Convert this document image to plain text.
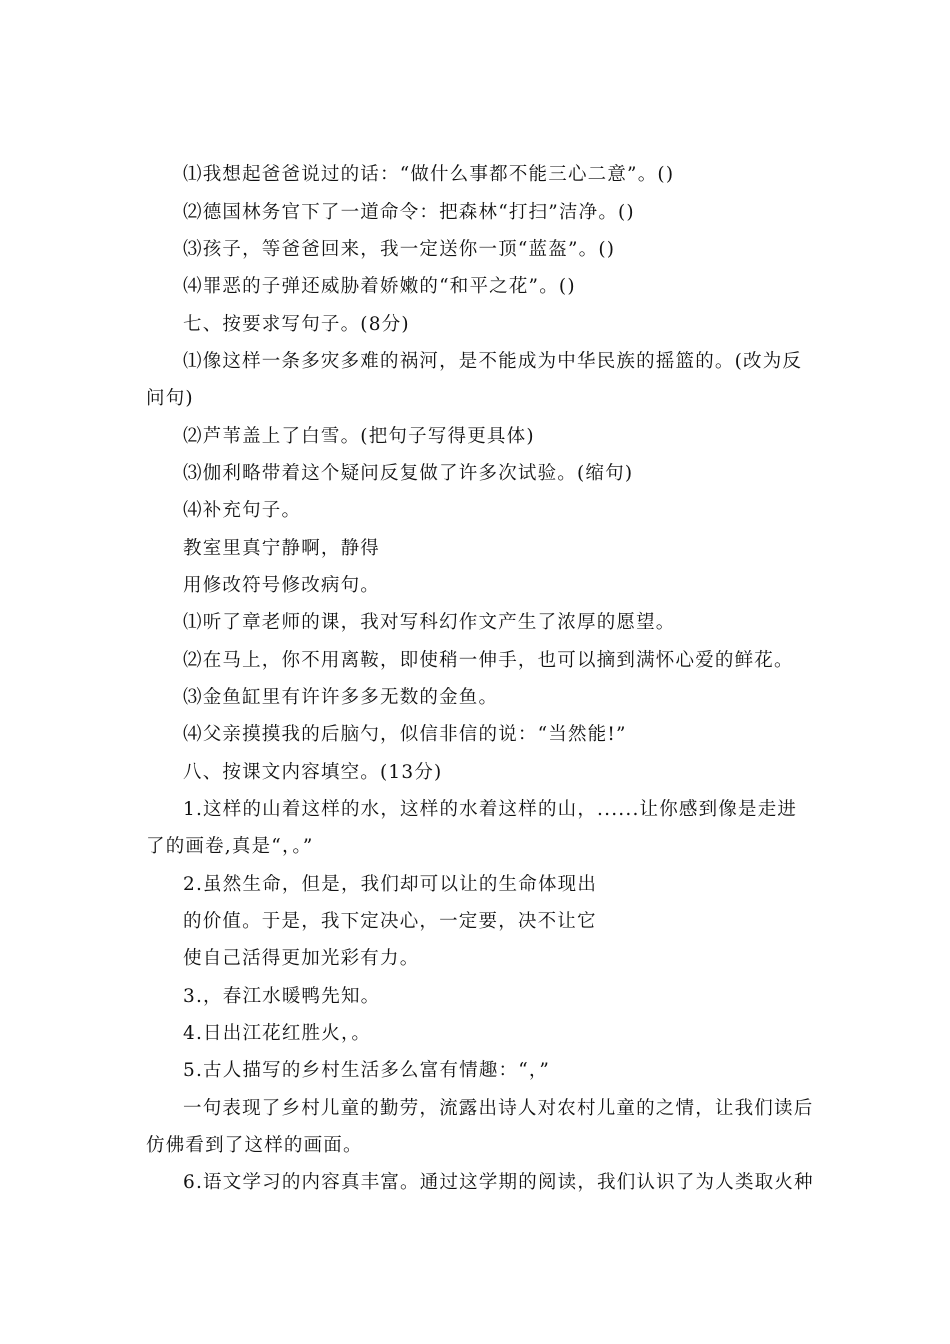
⑴我想起爸爸说过的话：“做什么事都不能三心二意”。()
⑵德国林务官下了一道命令：把森林“打扫”洁净。()
⑶孩子，等爸爸回来，我一定送你一顶“蓝盔”。()
⑷罪恶的子弹还威胁着娇嫩的“和平之花”。()
七、按要求写句子。(8分)
⑴像这样一条多灾多难的祸河，是不能成为中华民族的摇篮的。(改为反
问句)
⑵芦苇盖上了白雪。(把句子写得更具体)
⑶伽利略带着这个疑问反复做了许多次试验。(缩句)
⑷补充句子。
教室里真宁静啊，静得
用修改符号修改病句。
⑴听了章老师的课，我对写科幻作文产生了浓厚的愿望。
⑵在马上，你不用离鞍，即使稍一伸手，也可以摘到满怀心爱的鲜花。
⑶金鱼缸里有许许多多无数的金鱼。
⑷父亲摸摸我的后脑勺，似信非信的说：“当然能!”
八、按课文内容填空。(13分)
1.这样的山着这样的水，这样的水着这样的山，......让你感到像是走进
了的画卷,真是“，。”
2.虽然生命，但是，我们却可以让的生命体现出
的价值。于是，我下定决心，一定要，决不让它
使自己活得更加光彩有力。
3.，春江水暖鸭先知。
4.日出江花红胜火，。
5.古人描写的乡村生活多么富有情趣：“，”
一句表现了乡村儿童的勤劳，流露出诗人对农村儿童的之情，让我们读后
仿佛看到了这样的画面。
6.语文学习的内容真丰富。通过这学期的阅读，我们认识了为人类取火种
